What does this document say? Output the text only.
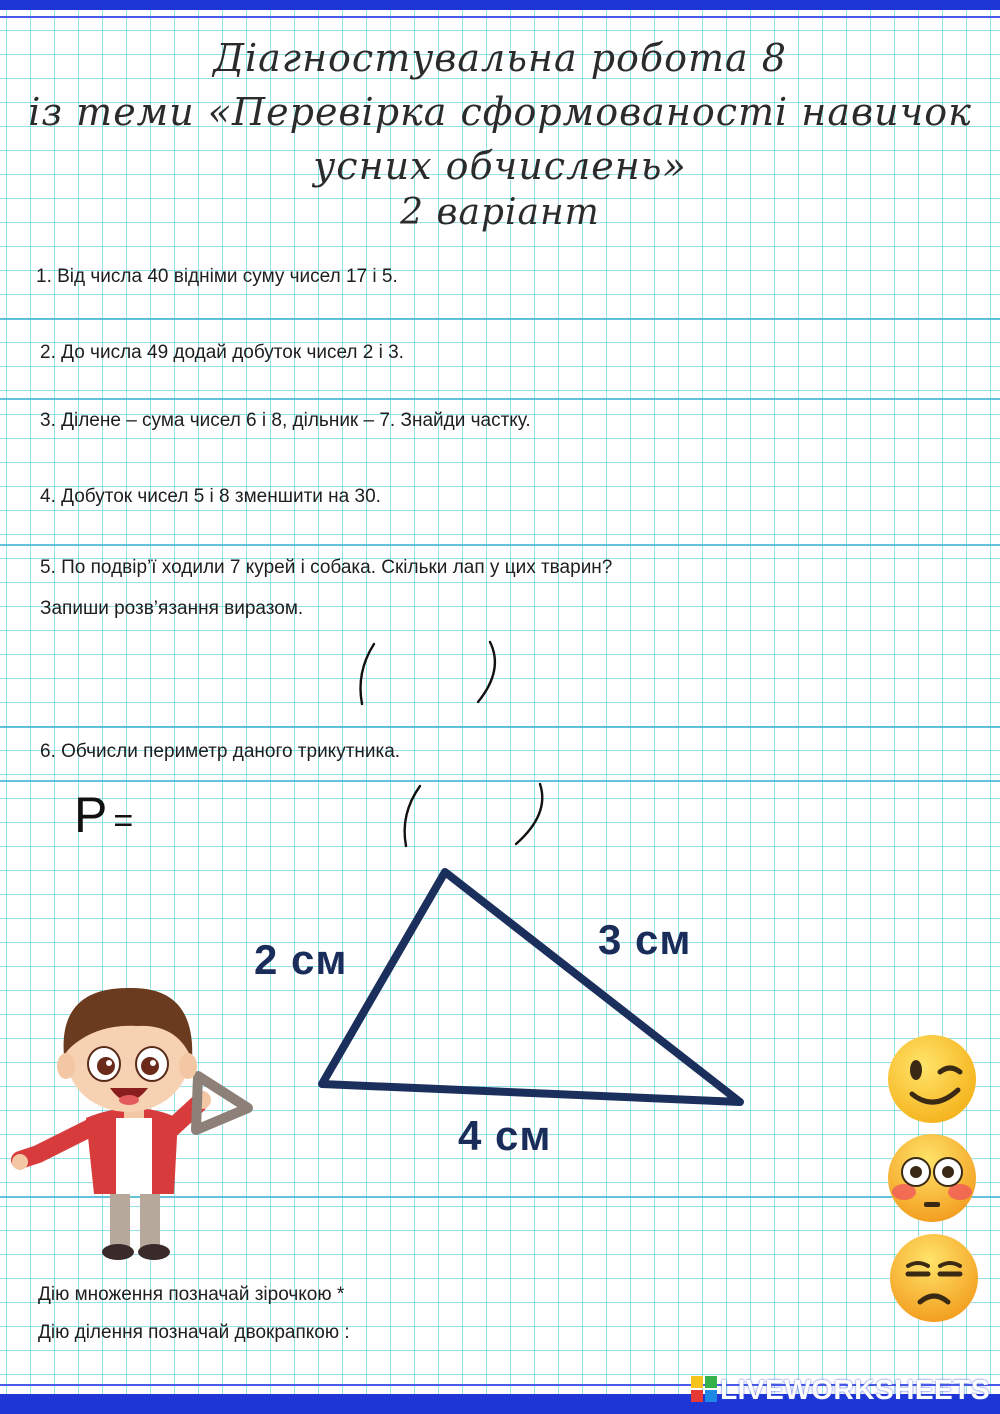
Діагностувальна робота 8
із теми «Перевірка сформованості навичок
усних обчислень»
2 варіант
1. Від числа 40 відніми суму чисел 17 і 5.
2. До числа 49 додай добуток чисел 2 і 3.
3. Ділене – сума чисел 6 і 8, дільник – 7. Знайди частку.
4. Добуток чисел 5 і 8 зменшити на 30.
5. По подвір’ї ходили 7 курей і собака. Скільки лап у цих тварин?
Запиши розв’язання виразом.
6. Обчисли периметр даного трикутника.
P =
2 см	3 см
4 см
Дію множення позначай зірочкою *
Дію ділення позначай двокрапкою :
LIVEWORKSHEETS
